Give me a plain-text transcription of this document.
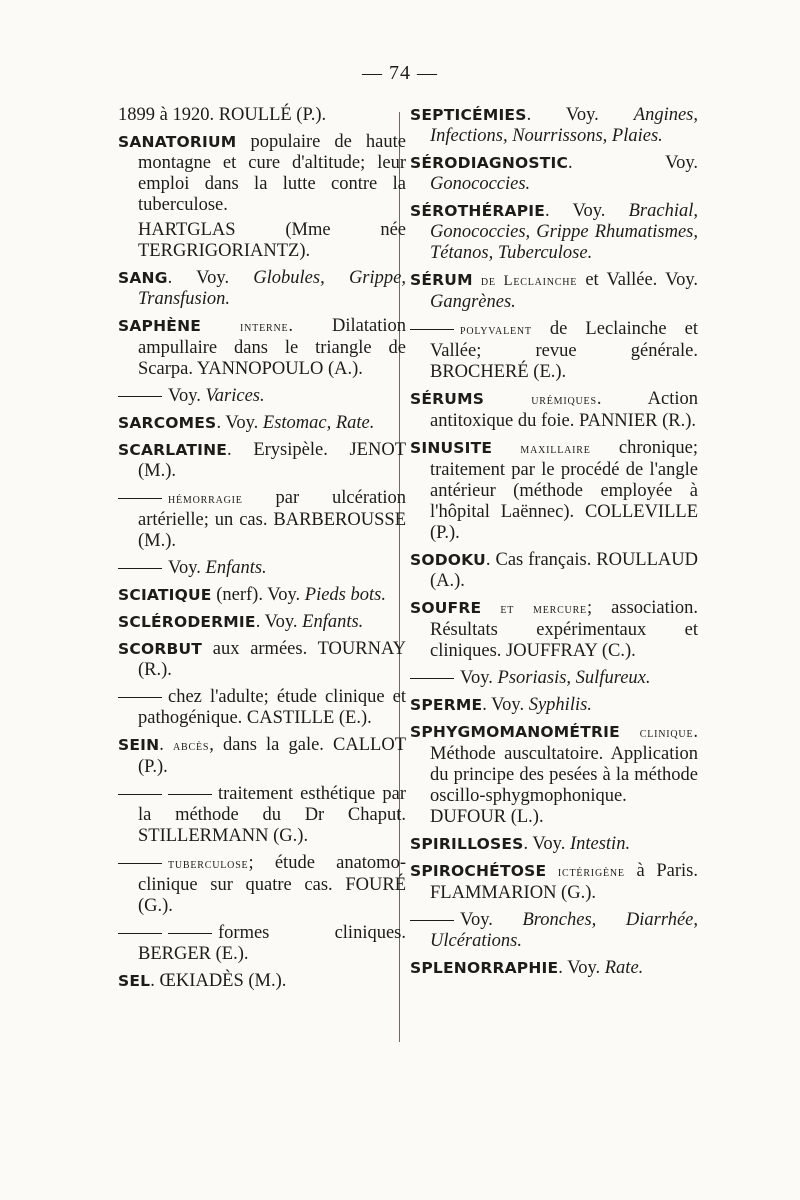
— 74 —
1899 à 1920. ROULLÉ (P.).
SANATORIUM populaire de haute montagne et cure d'altitude; leur emploi dans la lutte contre la tuberculose.
HARTGLAS (Mme née TERGRIGORIANTZ).
SANG. Voy. Globules, Grippe, Transfusion.
SAPHÈNE	interne. Dilatation ampullaire dans le triangle de Scarpa. YANNOPOULO (A.).
Voy. Varices.
SARCOMES. Voy. Estomac, Rate.
SCARLATINE. Erysipèle. JENOT (M.).
hémorragie par ulcération artérielle; un cas. BARBEROUSSE (M.).
Voy. Enfants.
SCIATIQUE (nerf). Voy. Pieds bots.
SCLÉRODERMIE. Voy. Enfants.
SCORBUT aux armées. TOURNAY (R.).
chez l'adulte; étude clinique et pathogénique. CASTILLE (E.).
SEIN. abcès, dans la gale. CALLOT (P.).
traitement esthétique par la méthode du Dr Chaput. STILLERMANN (G.).
tuberculose; étude anatomo-clinique sur quatre cas. FOURÉ (G.).
formes cliniques. BERGER (E.).
SEL. ŒKIADÈS (M.).
SEPTICÉMIES. Voy. Angines, Infections, Nourrissons, Plaies.
SÉRODIAGNOSTIC. Voy. Gonococcies.
SÉROTHÉRAPIE. Voy. Brachial, Gonococcies, Grippe Rhumatismes, Tétanos, Tuberculose.
SÉRUM de Leclainche et Vallée. Voy. Gangrènes.
polyvalent de Leclainche et Vallée; revue générale. BROCHERÉ (E.).
SÉRUMS	urémiques. Action antitoxique du foie. PANNIER (R.).
SINUSITE maxillaire chronique; traitement par le procédé de l'angle antérieur (méthode employée à l'hôpital Laënnec). COLLEVILLE (P.).
SODOKU. Cas français. ROULLAUD (A.).
SOUFRE et mercure; association. Résultats expérimentaux et cliniques. JOUFFRAY (C.).
Voy. Psoriasis, Sulfureux.
SPERME. Voy. Syphilis.
SPHYGMOMANOMÉTRIE clinique. Méthode auscultatoire. Application du principe des pesées à la méthode oscillo-sphygmophonique. DUFOUR (L.).
SPIRILLOSES. Voy. Intestin.
SPIROCHÉTOSE ictérigène à Paris. FLAMMARION (G.).
Voy. Bronches, Diarrhée, Ulcérations.
SPLENORRAPHIE. Voy. Rate.
